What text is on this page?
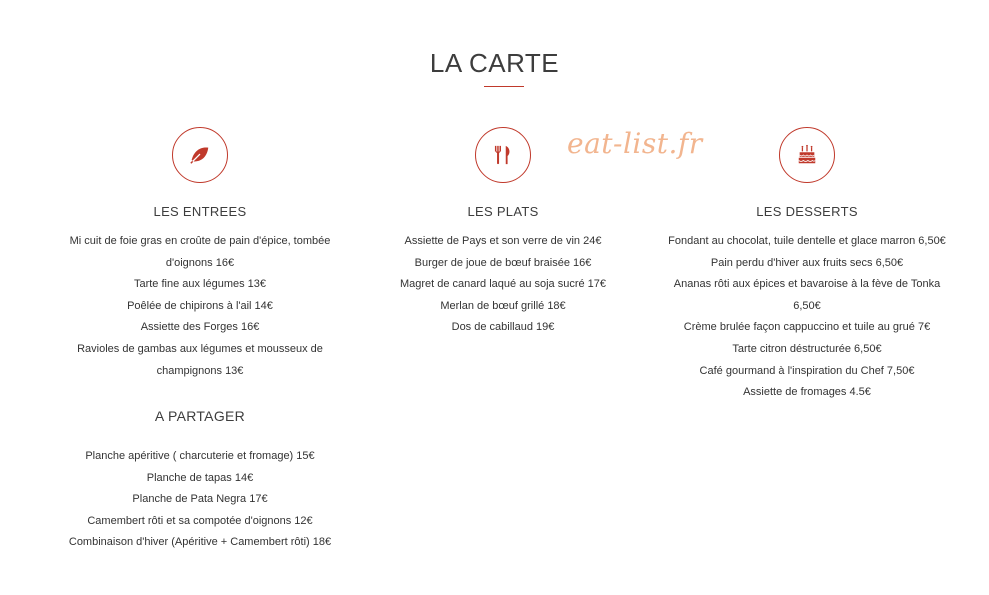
LA CARTE
eat-list.fr
LES ENTREES
Mi cuit de foie gras en croûte de pain d'épice, tombée d'oignons 16€
Tarte fine aux légumes 13€
Poêlée de chipirons à l'ail 14€
Assiette des Forges 16€
Ravioles de gambas aux légumes et mousseux de champignons 13€
A PARTAGER
Planche apéritive ( charcuterie et fromage) 15€
Planche de tapas 14€
Planche de Pata Negra 17€
Camembert rôti et sa compotée d'oignons 12€
Combinaison d'hiver (Apéritive + Camembert rôti) 18€
LES PLATS
Assiette de Pays et son verre de vin 24€
Burger de joue de bœuf braisée 16€
Magret de canard laqué au soja sucré 17€
Merlan de bœuf grillé 18€
Dos de cabillaud 19€
LES DESSERTS
Fondant au chocolat, tuile dentelle et glace marron 6,50€
Pain perdu d'hiver aux fruits secs 6,50€
Ananas rôti aux épices et bavaroise à la fève de Tonka 6,50€
Crème brulée façon cappuccino et tuile au grué 7€
Tarte citron déstructurée 6,50€
Café gourmand à l'inspiration du Chef 7,50€
Assiette de fromages 4.5€
